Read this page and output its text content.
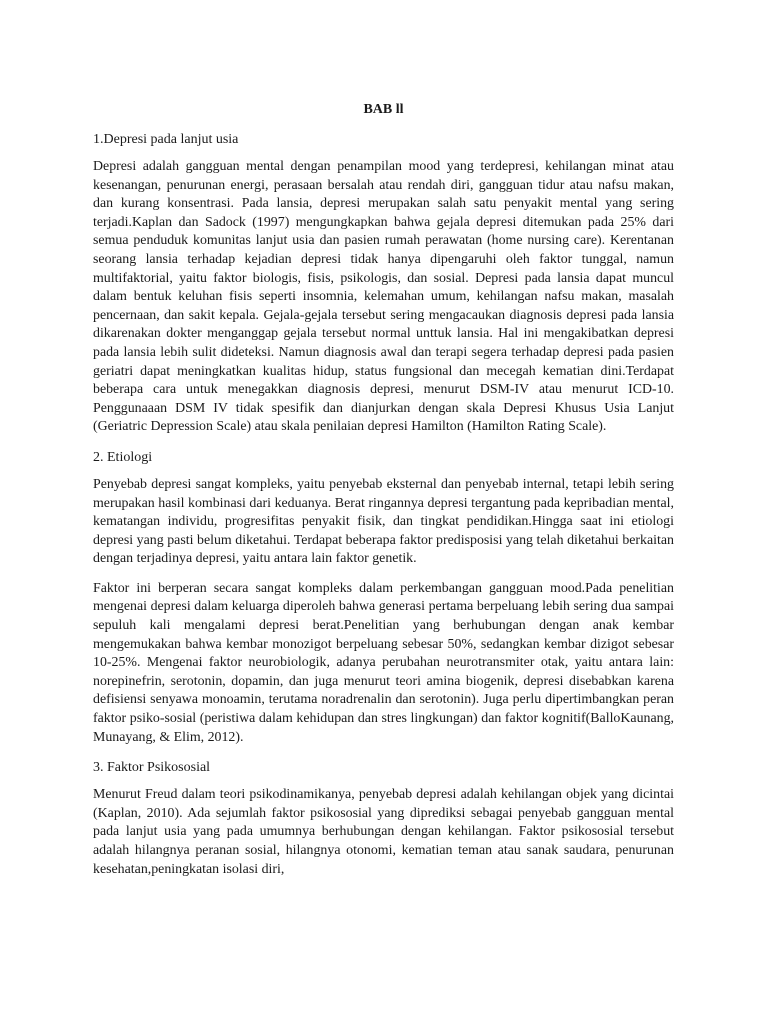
BAB ll
1.Depresi pada lanjut usia

Depresi adalah gangguan mental dengan penampilan mood yang terdepresi, kehilangan minat atau kesenangan, penurunan energi, perasaan bersalah atau rendah diri, gangguan tidur atau nafsu makan, dan kurang konsentrasi. Pada lansia, depresi merupakan salah satu penyakit mental yang sering terjadi.Kaplan dan Sadock (1997) mengungkapkan bahwa gejala depresi ditemukan pada 25% dari semua penduduk komunitas lanjut usia dan pasien rumah perawatan (home nursing care). Kerentanan seorang lansia terhadap kejadian depresi tidak hanya dipengaruhi oleh faktor tunggal, namun multifaktorial, yaitu faktor biologis, fisis, psikologis, dan sosial. Depresi pada lansia dapat muncul dalam bentuk keluhan fisis seperti insomnia, kelemahan umum, kehilangan nafsu makan, masalah pencernaan, dan sakit kepala. Gejala-gejala tersebut sering mengacaukan diagnosis depresi pada lansia dikarenakan dokter menganggap gejala tersebut normal unttuk lansia. Hal ini mengakibatkan depresi pada lansia lebih sulit dideteksi. Namun diagnosis awal dan terapi segera terhadap depresi pada pasien geriatri dapat meningkatkan kualitas hidup, status fungsional dan mecegah kematian dini.Terdapat beberapa cara untuk menegakkan diagnosis depresi, menurut DSM-IV atau menurut ICD-10. Penggunaaan DSM IV tidak spesifik dan dianjurkan dengan skala Depresi Khusus Usia Lanjut (Geriatric Depression Scale) atau skala penilaian depresi Hamilton (Hamilton Rating Scale).

2. Etiologi

Penyebab depresi sangat kompleks, yaitu penyebab eksternal dan penyebab internal, tetapi lebih sering merupakan hasil kombinasi dari keduanya. Berat ringannya depresi tergantung pada kepribadian mental, kematangan individu, progresifitas penyakit fisik, dan tingkat pendidikan.Hingga saat ini etiologi depresi yang pasti belum diketahui. Terdapat beberapa faktor predisposisi yang telah diketahui berkaitan dengan terjadinya depresi, yaitu antara lain faktor genetik.

Faktor ini berperan secara sangat kompleks dalam perkembangan gangguan mood.Pada penelitian mengenai depresi dalam keluarga diperoleh bahwa generasi pertama berpeluang lebih sering dua sampai sepuluh kali mengalami depresi berat.Penelitian yang berhubungan dengan anak kembar mengemukakan bahwa kembar monozigot berpeluang sebesar 50%, sedangkan kembar dizigot sebesar 10-25%. Mengenai faktor neurobiologik, adanya perubahan neurotransmiter otak, yaitu antara lain: norepinefrin, serotonin, dopamin, dan juga menurut teori amina biogenik, depresi disebabkan karena defisiensi senyawa monoamin, terutama noradrenalin dan serotonin). Juga perlu dipertimbangkan peran faktor psiko-sosial (peristiwa dalam kehidupan dan stres lingkungan) dan faktor kognitif(BalloKaunang, Munayang, & Elim, 2012).

3. Faktor Psikososial

Menurut Freud dalam teori psikodinamikanya, penyebab depresi adalah kehilangan objek yang dicintai (Kaplan, 2010). Ada sejumlah faktor psikososial yang diprediksi sebagai penyebab gangguan mental pada lanjut usia yang pada umumnya berhubungan dengan kehilangan. Faktor psikososial tersebut adalah hilangnya peranan sosial, hilangnya otonomi, kematian teman atau sanak saudara, penurunan kesehatan,peningkatan isolasi diri,
